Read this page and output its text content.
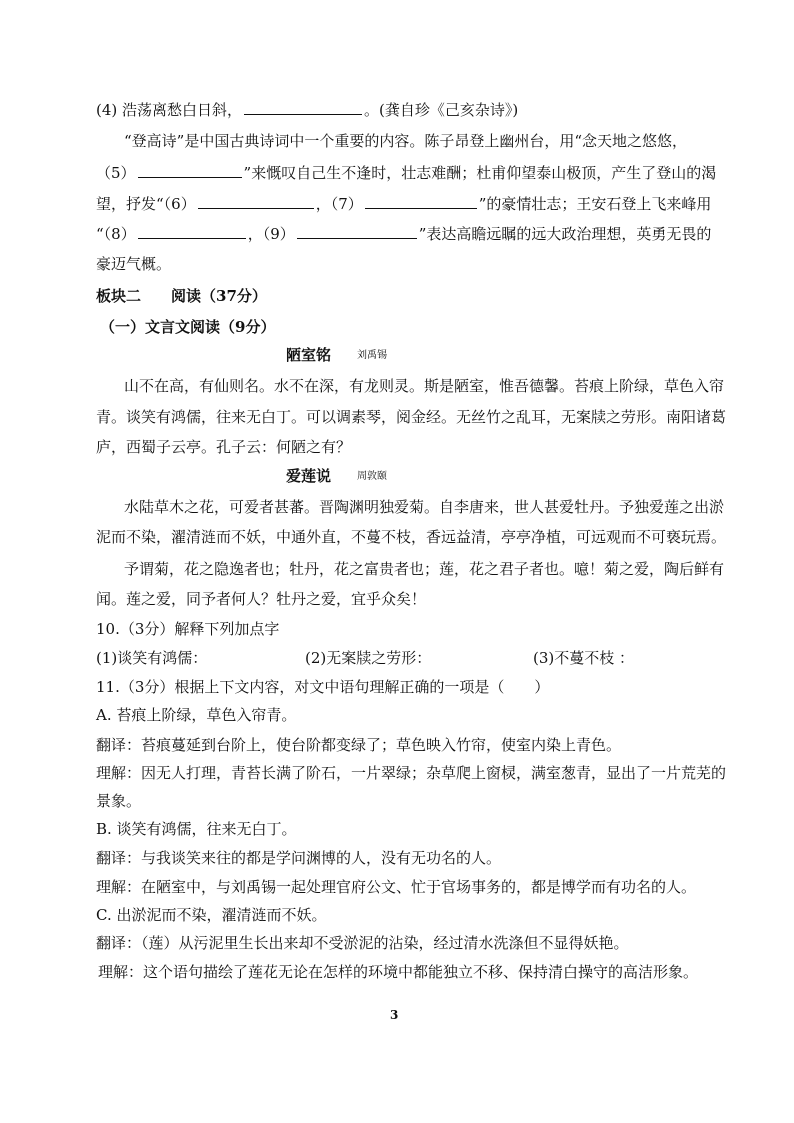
(4) 浩荡离愁白日斜，	。(龚自珍《己亥杂诗》)
“登高诗”是中国古典诗词中一个重要的内容。陈子昂登上幽州台，用“念天地之悠悠，
（5）	”来慨叹自己生不逢时，壮志难酬；杜甫仰望泰山极顶，产生了登山的渴
望，抒发“（6）	，（7）	”的豪情壮志；王安石登上飞来峰用
“（8）	，（9）	”表达高瞻远瞩的远大政治理想，英勇无畏的
豪迈气概。
板块二　　阅读（37分）
（一）文言文阅读（9分）
陋室铭	刘禹锡
山不在高，有仙则名。水不在深，有龙则灵。斯是陋室，惟吾德馨。苔痕上阶绿，草色入帘
青。谈笑有鸿儒，往来无白丁。可以调素琴，阅金经。无丝竹之乱耳，无案牍之劳形。南阳诸葛
庐，西蜀子云亭。孔子云：何陋之有？
爱莲说	周敦颐
水陆草木之花，可爱者甚蕃。晋陶渊明独爱菊。自李唐来，世人甚爱牡丹。予独爱莲之出淤
泥而不染，濯清涟而不妖，中通外直，不蔓不枝，香远益清，亭亭净植，可远观而不可亵玩焉。
予谓菊，花之隐逸者也；牡丹，花之富贵者也；莲，花之君子者也。噫！菊之爱，陶后鲜有
闻。莲之爱，同予者何人？牡丹之爱，宜乎众矣！
10.（3分）解释下列加点字
(1)谈笑有鸿儒：	(2)无案牍之劳形：	(3)不蔓不枝 ：
11.（3分）根据上下文内容，对文中语句理解正确的一项是（　　）
A. 苔痕上阶绿，草色入帘青。
翻译：苔痕蔓延到台阶上，使台阶都变绿了；草色映入竹帘，使室内染上青色。
理解：因无人打理，青苔长满了阶石，一片翠绿；杂草爬上窗棂，满室葱青，显出了一片荒芜的
景象。
B. 谈笑有鸿儒，往来无白丁。
翻译：与我谈笑来往的都是学问渊博的人，没有无功名的人。
理解：在陋室中，与刘禹锡一起处理官府公文、忙于官场事务的，都是博学而有功名的人。
C. 出淤泥而不染，濯清涟而不妖。
翻译：（莲）从污泥里生长出来却不受淤泥的沾染，经过清水洗涤但不显得妖艳。
理解：这个语句描绘了莲花无论在怎样的环境中都能独立不移、保持清白操守的高洁形象。
3
